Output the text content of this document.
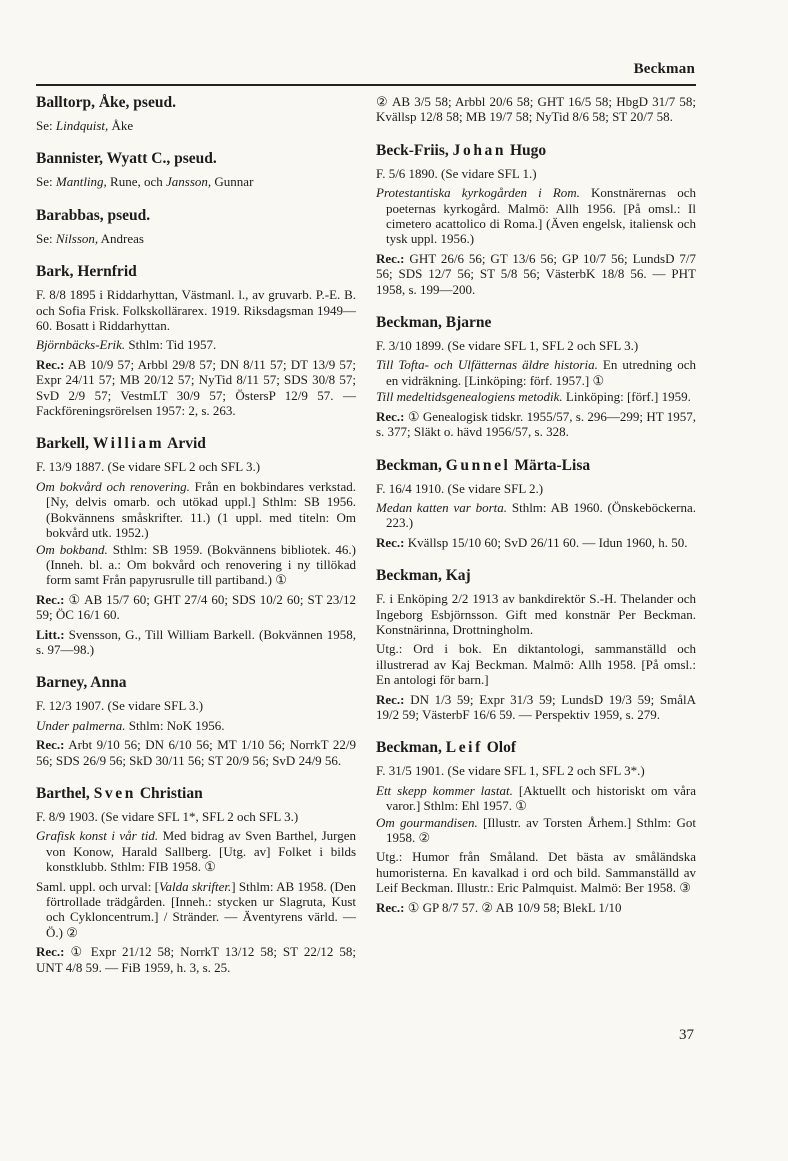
Beckman
Balltorp, Åke, pseud.
Se: Lindquist, Åke
Bannister, Wyatt C., pseud.
Se: Mantling, Rune, och Jansson, Gunnar
Barabbas, pseud.
Se: Nilsson, Andreas
Bark, Hernfrid
F. 8/8 1895 i Riddarhyttan, Västmanl. l., av gruvarb. P.-E. B. och Sofia Frisk. Folkskollärarex. 1919. Riksdagsman 1949—60. Bosatt i Riddarhyttan.
Björnbäcks-Erik. Sthlm: Tid 1957.
Rec.: AB 10/9 57; Arbbl 29/8 57; DN 8/11 57; DT 13/9 57; Expr 24/11 57; MB 20/12 57; NyTid 8/11 57; SDS 30/8 57; SvD 2/9 57; VestmLT 30/9 57; ÖstersP 12/9 57. — Fackföreningsrörelsen 1957: 2, s. 263.
Barkell, William Arvid
F. 13/9 1887. (Se vidare SFL 2 och SFL 3.)
Om bokvård och renovering. Från en bokbindares verkstad. [Ny, delvis omarb. och utökad uppl.] Sthlm: SB 1956. (Bokvännens småskrifter. 11.) (1 uppl. med titeln: Om bokvård utk. 1952.)
Om bokband. Sthlm: SB 1959. (Bokvännens bibliotek. 46.) (Inneh. bl. a.: Om bokvård och renovering i ny tillökad form samt Från papyrusrulle till partiband.) ①
Rec.: ① AB 15/7 60; GHT 27/4 60; SDS 10/2 60; ST 23/12 59; ÖC 16/1 60.
Litt.: Svensson, G., Till William Barkell. (Bokvännen 1958, s. 97—98.)
Barney, Anna
F. 12/3 1907. (Se vidare SFL 3.)
Under palmerna. Sthlm: NoK 1956.
Rec.: Arbt 9/10 56; DN 6/10 56; MT 1/10 56; NorrkT 22/9 56; SDS 26/9 56; SkD 30/11 56; ST 20/9 56; SvD 24/9 56.
Barthel, Sven Christian
F. 8/9 1903. (Se vidare SFL 1*, SFL 2 och SFL 3.)
Grafisk konst i vår tid. Med bidrag av Sven Barthel, Jurgen von Konow, Harald Sallberg. [Utg. av] Folket i bilds konstklubb. Sthlm: FIB 1958. ①
Saml. uppl. och urval: [Valda skrifter.] Sthlm: AB 1958. (Den förtrollade trädgården. [Inneh.: stycken ur Slagruta, Kust och Cykloncentrum.] / Stränder. — Äventyrens värld. — Ö.) ②
Rec.: ① Expr 21/12 58; NorrkT 13/12 58; ST 22/12 58; UNT 4/8 59. — FiB 1959, h. 3, s. 25.
② AB 3/5 58; Arbbl 20/6 58; GHT 16/5 58; HbgD 31/7 58; Kvällsp 12/8 58; MB 19/7 58; NyTid 8/6 58; ST 20/7 58.
Beck-Friis, Johan Hugo
F. 5/6 1890. (Se vidare SFL 1.)
Protestantiska kyrkogården i Rom. Konstnärernas och poeternas kyrkogård. Malmö: Allh 1956. [På omsl.: Il cimetero acattolico di Roma.] (Även engelsk, italiensk och tysk uppl. 1956.)
Rec.: GHT 26/6 56; GT 13/6 56; GP 10/7 56; LundsD 7/7 56; SDS 12/7 56; ST 5/8 56; VästerbK 18/8 56. — PHT 1958, s. 199—200.
Beckman, Bjarne
F. 3/10 1899. (Se vidare SFL 1, SFL 2 och SFL 3.)
Till Tofta- och Ulfätternas äldre historia. En utredning och en vidräkning. [Linköping: förf. 1957.] ①
Till medeltidsgenealogiens metodik. Linköping: [förf.] 1959.
Rec.: ① Genealogisk tidskr. 1955/57, s. 296—299; HT 1957, s. 377; Släkt o. hävd 1956/57, s. 328.
Beckman, Gunnel Märta-Lisa
F. 16/4 1910. (Se vidare SFL 2.)
Medan katten var borta. Sthlm: AB 1960. (Önskeböckerna. 223.)
Rec.: Kvällsp 15/10 60; SvD 26/11 60. — Idun 1960, h. 50.
Beckman, Kaj
F. i Enköping 2/2 1913 av bankdirektör S.-H. Thelander och Ingeborg Esbjörnsson. Gift med konstnär Per Beckman. Konstnärinna, Drottningholm.
Utg.: Ord i bok. En diktantologi, sammanställd och illustrerad av Kaj Beckman. Malmö: Allh 1958. [På omsl.: En antologi för barn.]
Rec.: DN 1/3 59; Expr 31/3 59; LundsD 19/3 59; SmålA 19/2 59; VästerbF 16/6 59. — Perspektiv 1959, s. 279.
Beckman, Leif Olof
F. 31/5 1901. (Se vidare SFL 1, SFL 2 och SFL 3*.)
Ett skepp kommer lastat. [Aktuellt och historiskt om våra varor.] Sthlm: Ehl 1957. ①
Om gourmandisen. [Illustr. av Torsten Århem.] Sthlm: Got 1958. ②
Utg.: Humor från Småland. Det bästa av småländska humoristerna. En kavalkad i ord och bild. Sammanställd av Leif Beckman. Illustr.: Eric Palmquist. Malmö: Ber 1958. ③
Rec.: ① GP 8/7 57. ② AB 10/9 58; BlekL 1/10
37
